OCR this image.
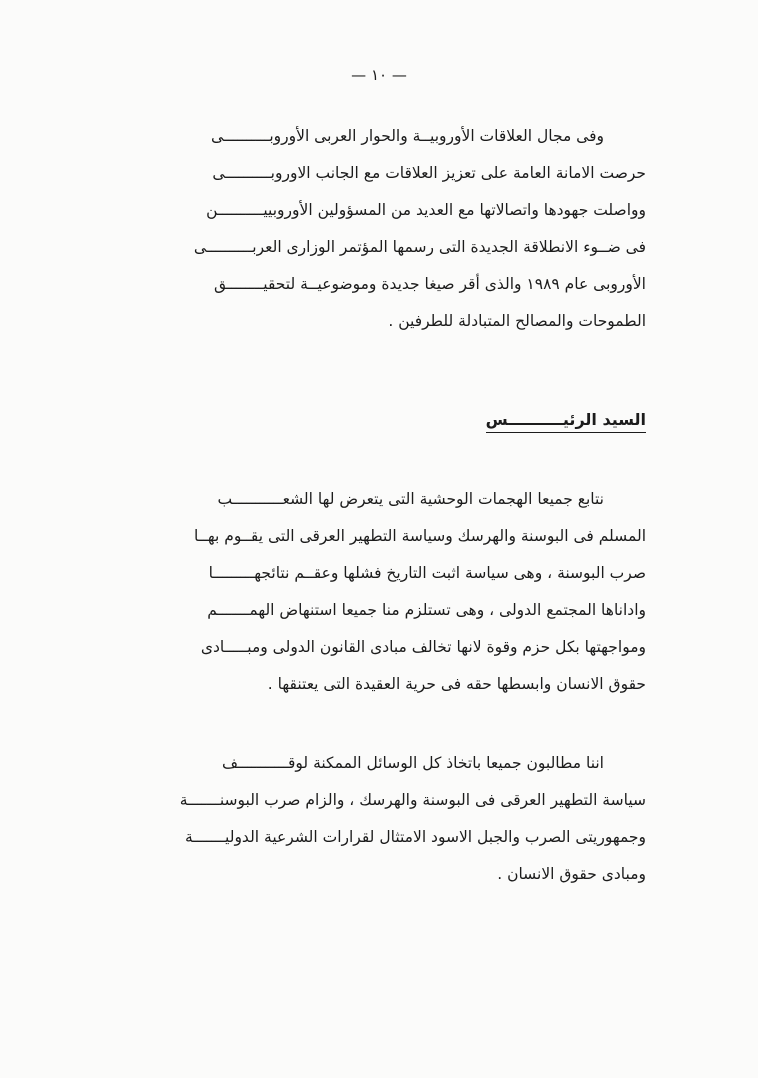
— ١٠ —
وفى مجال العلاقات الأوروبيــة والحوار العربى الأوروبــــــــــى
حرصت الامانة العامة على تعزيز العلاقات مع الجانب الاوروبــــــــــى
وواصلت جهودها واتصالاتها مع العديد من المسؤولين الأوروبييــــــــــن
فى ضــوء الانطلاقة الجديدة التى رسمها المؤتمر الوزارى العربــــــــــى
الأوروبى عام ١٩٨٩ والذى أقر صيغا جديدة وموضوعيــة لتحقيــــــــق
الطموحات والمصالح المتبادلة للطرفين .
السيد الرئيــــــــــس
نتابع جميعا الهجمات الوحشية التى يتعرض لها الشعـــــــــــب
المسلم فى البوسنة والهرسك وسياسة التطهير العرقى التى يقــوم بهــا
صرب البوسنة ، وهى سياسة اثبت التاريخ فشلها وعقــم نتائجهـــــــــا
واداناها المجتمع الدولى ، وهى تستلزم منا جميعا استنهاض الهمـــــــم
ومواجهتها بكل حزم وقوة لانها تخالف مبادى القانون الدولى ومبـــــادى
حقوق الانسان وابسطها حقه فى حرية العقيدة التى يعتنقها .
اننا مطالبون جميعا باتخاذ كل الوسائل الممكنة لوقـــــــــــف
سياسة التطهير العرقى فى البوسنة والهرسك ، والزام صرب البوسنـــــــة
وجمهوريتى الصرب والجبل الاسود الامتثال لقرارات الشرعية الدوليـــــــة
ومبادى حقوق الانسان .
